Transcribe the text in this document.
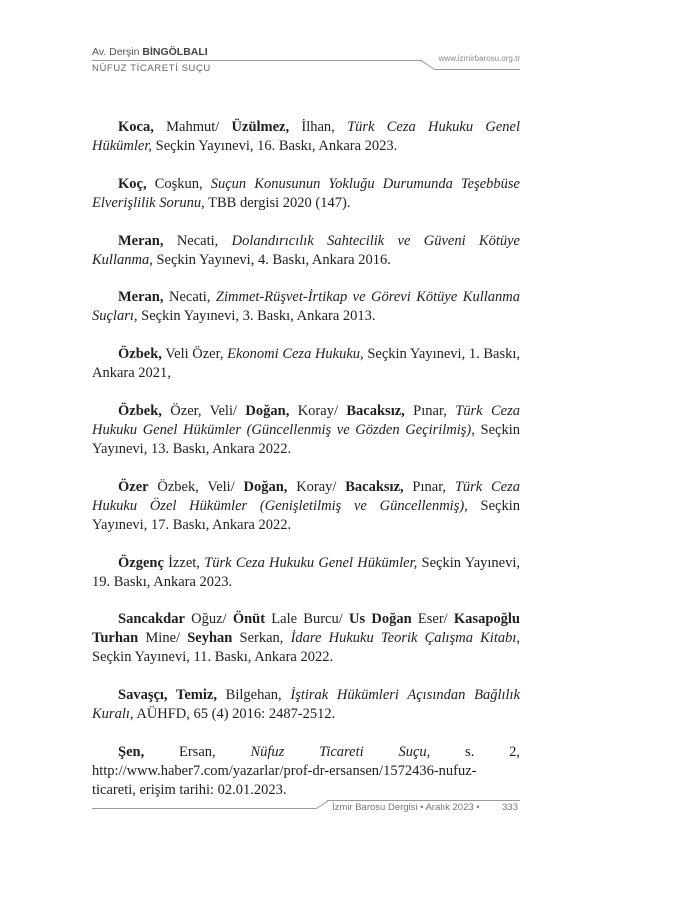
Av. Derşin BİNGÖLBALI
NÜFUZ TİCARETİ SUÇU
www.izmirbarosu.org.tr

Koca, Mahmut/ Üzülmez, İlhan, Türk Ceza Hukuku Genel Hükümler, Seçkin Yayınevi, 16. Baskı, Ankara 2023.

Koç, Coşkun, Suçun Konusunun Yokluğu Durumunda Teşebbüse Elverişlilik Sorunu, TBB dergisi 2020 (147).

Meran, Necati, Dolandırıcılık Sahtecilik ve Güveni Kötüye Kullanma, Seçkin Yayınevi, 4. Baskı, Ankara 2016.

Meran, Necati, Zimmet-Rüşvet-İrtikap ve Görevi Kötüye Kullanma Suçları, Seçkin Yayınevi, 3. Baskı, Ankara 2013.

Özbek, Veli Özer, Ekonomi Ceza Hukuku, Seçkin Yayınevi, 1. Baskı, Ankara 2021,

Özbek, Özer, Veli/ Doğan, Koray/ Bacaksız, Pınar, Türk Ceza Hukuku Genel Hükümler (Güncellenmiş ve Gözden Geçirilmiş), Seçkin Yayınevi, 13. Baskı, Ankara 2022.

Özer Özbek, Veli/ Doğan, Koray/ Bacaksız, Pınar, Türk Ceza Hukuku Özel Hükümler (Genişletilmiş ve Güncellenmiş), Seçkin Yayınevi, 17. Baskı, Ankara 2022.

Özgenç İzzet, Türk Ceza Hukuku Genel Hükümler, Seçkin Yayınevi, 19. Baskı, Ankara 2023.

Sancakdar Oğuz/ Önüt Lale Burcu/ Us Doğan Eser/ Kasapoğlu Turhan Mine/ Seyhan Serkan, İdare Hukuku Teorik Çalışma Kitabı, Seçkin Yayınevi, 11. Baskı, Ankara 2022.

Savaşçı, Temiz, Bilgehan, İştirak Hükümleri Açısından Bağlılık Kuralı, AÜHFD, 65 (4) 2016: 2487-2512.

Şen, Ersan, Nüfuz Ticareti Suçu, s. 2, http://www.haber7.com/yazarlar/prof-dr-ersansen/1572436-nufuz-ticareti, erişim tarihi: 02.01.2023.

İzmir Barosu Dergisi • Aralık 2023 • 333
